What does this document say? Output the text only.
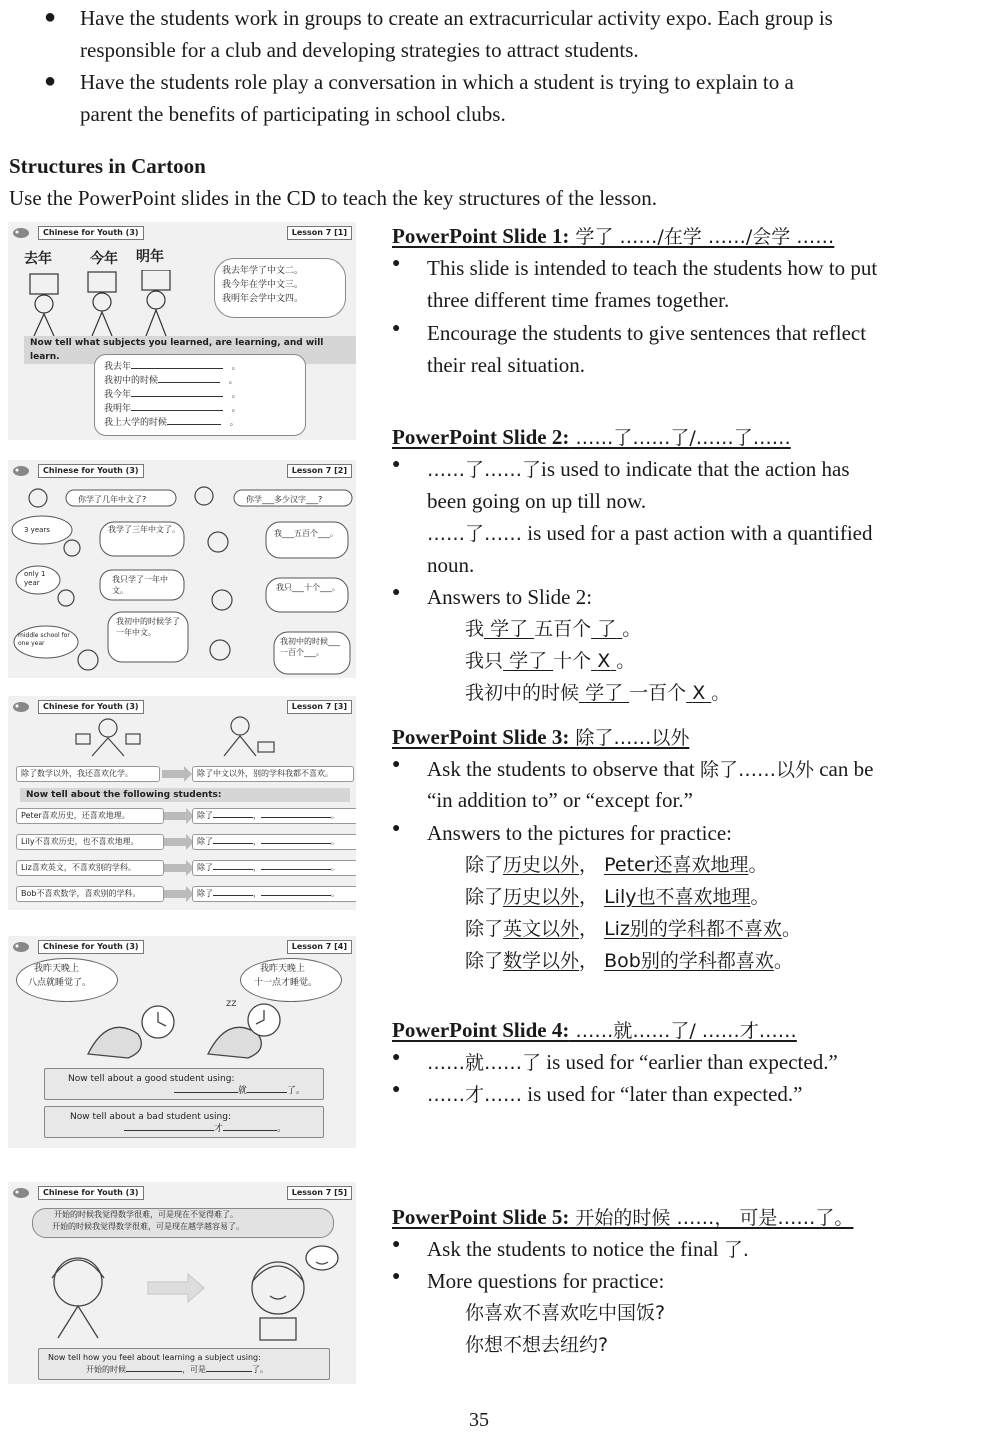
● Have the students work in groups to create an extracurricular activity expo. Each group is
responsible for a club and developing strategies to attract students.
● Have the students role play a conversation in which a student is trying to explain to a
parent the benefits of participating in school clubs.
Structures in Cartoon
Use the PowerPoint slides in the CD to teach the key structures of the lesson.
PowerPoint Slide 1: 学了 ……/在学 ……/会学 ……
● This slide is intended to teach the students how to put
three different time frames together.
● Encourage the students to give sentences that reflect
their real situation.
PowerPoint Slide 2: ……了……了/……了……
● ……了……了is used to indicate that the action has
been going on up till now.
……了…… is used for a past action with a quantified
noun.
● Answers to Slide 2:
我 学了 五百个 了 。
我只 学了 十个 X 。
我初中的时候 学了 一百个 X 。
PowerPoint Slide 3: 除了……以外
● Ask the students to observe that 除了……以外 can be
“in addition to” or “except for.”
● Answers to the pictures for practice:
除了历史以外， Peter还喜欢地理。
除了历史以外， Lily也不喜欢地理。
除了英文以外， Liz别的学科都不喜欢。
除了数学以外， Bob别的学科都喜欢。
PowerPoint Slide 4: ……就……了/ ……才……
● ……就……了 is used for “earlier than expected.”
● ……才…… is used for “later than expected.”
PowerPoint Slide 5: 开始的时候 ……， 可是……了。
● Ask the students to notice the final 了.
● More questions for practice:
你喜欢不喜欢吃中国饭?
你想不想去纽约?
35
Chinese for Youth (3)	Lesson 7 [1]
去年	今年 明年
我去年学了中文二。
我今年在学中文三。
我明年会学中文四。
Now tell what subjects you learned, are learning, and will learn.
我去年	。
我初中的时候	。
我今年	。
我明年	。
我上大学的时候	。
Chinese for Youth (3)	Lesson 7 [2]
你学了几年中文了?	你学___多少汉字___?
3 years	我学了三年中文了。	我___五百个___。
only 1 year	我只学了一年中文。	我只___十个___。
middle school for one year
我初中的时候学了一年中文。
我初中的时候___一百个___。
Chinese for Youth (3)	Lesson 7 [3]
除了数学以外，我还喜欢化学。	除了中文以外，别的学科我都不喜欢。
Now tell about the following students:
Peter喜欢历史，还喜欢地理。	除了	，	。
Lily不喜欢历史，也不喜欢地理。	除了	，	。
Liz喜欢英文，不喜欢别的学科。	除了	，	。
Bob不喜欢数学，喜欢别的学科。	除了	，	。
Chinese for Youth (3)	Lesson 7 [4]
我昨天晚上
八点就睡觉了。
我昨天晚上
十一点才睡觉。
zz
Now tell about a good student using:
就	了。
Now tell about a bad student using:
才	。
Chinese for Youth (3)	Lesson 7 [5]
开始的时候我觉得数学很难，可是现在不觉得难了。
开始的时候我觉得数学很难，可是现在越学越容易了。
Now tell how you feel about learning a subject using:
开始的时候	，可是	了。
